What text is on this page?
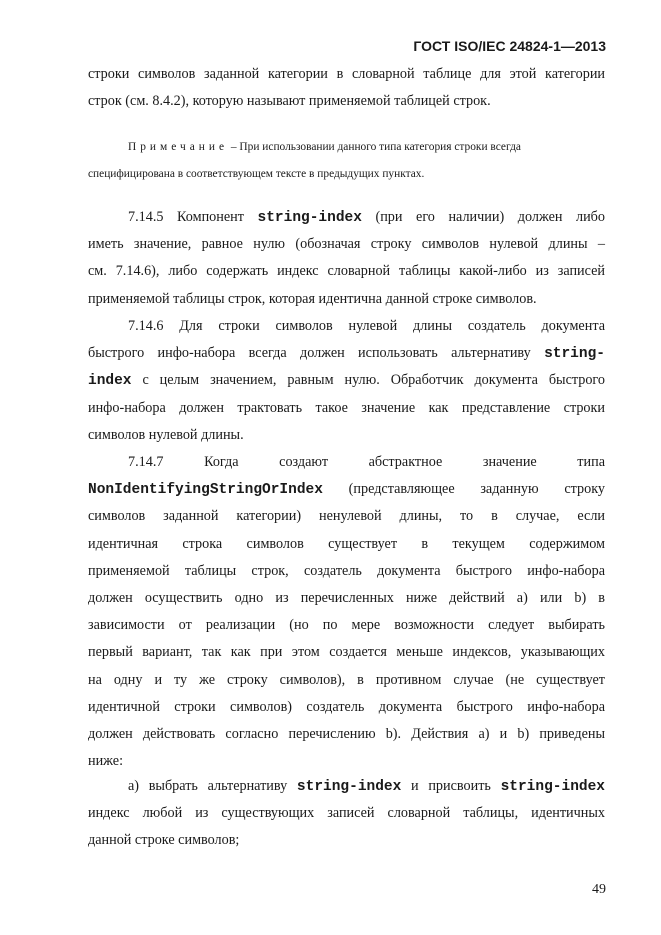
ГОСТ ISO/IEC 24824-1—2013
строки символов заданной категории в словарной таблице для этой категории
строк (см. 8.4.2), которую называют применяемой таблицей строк.
Примечание – При использовании данного типа категория строки всегда
специфицирована в соответствующем тексте в предыдущих пунктах.
7.14.5 Компонент string-index (при его наличии) должен либо
иметь значение, равное нулю (обозначая строку символов нулевой длины –
см. 7.14.6), либо содержать индекс словарной таблицы какой-либо из записей
применяемой таблицы строк, которая идентична данной строке символов.
7.14.6 Для строки символов нулевой длины создатель документа
быстрого инфо-набора всегда должен использовать альтернативу string-
index с целым значением, равным нулю. Обработчик документа быстрого
инфо-набора должен трактовать такое значение как представление строки
символов нулевой длины.
7.14.7 Когда создают абстрактное значение типа
NonIdentifyingStringOrIndex (представляющее заданную строку
символов заданной категории) ненулевой длины, то в случае, если
идентичная строка символов существует в текущем содержимом
применяемой таблицы строк, создатель документа быстрого инфо-набора
должен осуществить одно из перечисленных ниже действий a) или b) в
зависимости от реализации (но по мере возможности следует выбирать
первый вариант, так как при этом создается меньше индексов, указывающих
на одну и ту же строку символов), в противном случае (не существует
идентичной строки символов) создатель документа быстрого инфо-набора
должен действовать согласно перечислению b). Действия a) и b) приведены
ниже:
a) выбрать альтернативу string-index и присвоить string-index
индекс любой из существующих записей словарной таблицы, идентичных
данной строке символов;
49
